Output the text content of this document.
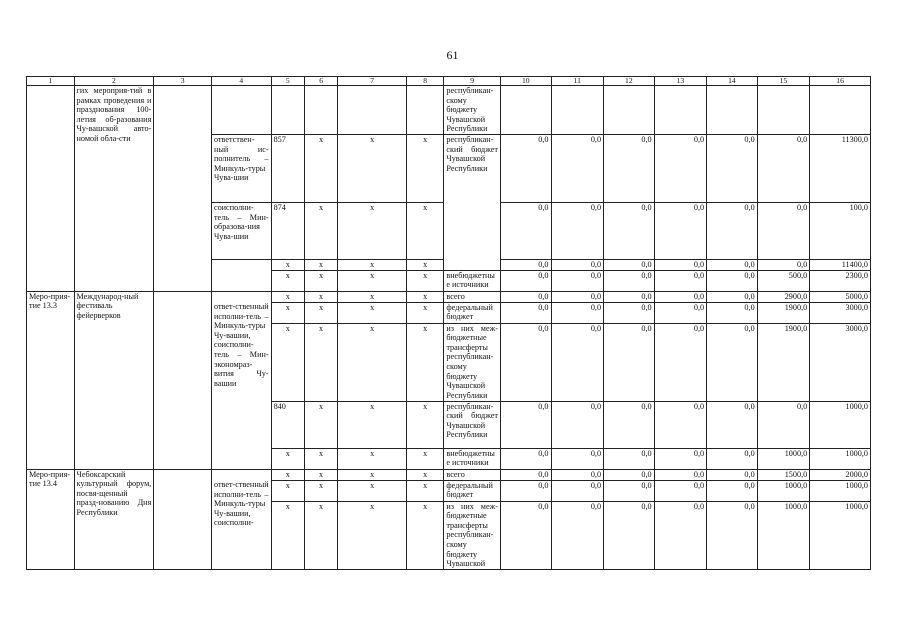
61
1	2	3	4	5	6	7	8	9	10	11	12	13	14	15	16
	гих мероприя-тий в рамках проведения и празднования 100-летия об-разования Чу-вашской авто-номой обла-сти							республикан-скому бюджету Чувашской Республики							
			ответствен-ный ис-полнитель – Минкуль-туры Чува-шии	857	x	x	x	республикан-ский бюджет Чувашской Республики	0,0	0,0	0,0	0,0	0,0	0,0	11300,0
			соисполни-тель – Мин-образова-ния Чува-шии	874	x	x	x		0,0	0,0	0,0	0,0	0,0	0,0	100,0
				x	x	x	x		0,0	0,0	0,0	0,0	0,0	0,0	11400,0
				x	x	x	x	внебюджетные источники	0,0	0,0	0,0	0,0	0,0	500,0	2300,0
Меро-прия-тие 13.3	Международ-ный фестиваль фейерверков			x	x	x	x	всего	0,0	0,0	0,0	0,0	0,0	2900,0	5000,0
			ответ-ственный исполни-тель – Минкуль-туры Чу-вашии, соисполни-тель – Мин-экономраз-вития Чу-вашии	x	x	x	x	федеральный бюджет	0,0	0,0	0,0	0,0	0,0	1900,0	3000,0
				x	x	x	x	из них меж-бюджетные трансферты республикан-скому бюджету Чувашской Республики	0,0	0,0	0,0	0,0	0,0	1900,0	3000,0
				840	x	x	x	республикан-ский бюджет Чувашской Республики	0,0	0,0	0,0	0,0	0,0	0,0	1000,0
				x	x	x	x	внебюджетные источники	0,0	0,0	0,0	0,0	0,0	1000,0	1000,0
Меро-прия-тие 13.4	Чебоксарский культурный форум, посвя-щенный празд-нованию Дня Республики			x	x	x	x	всего	0,0	0,0	0,0	0,0	0,0	1500,0	2000,0
			ответ-ственный исполни-тель – Минкуль-туры Чу-вашии, соисполни-	x	x	x	x	федеральный бюджет	0,0	0,0	0,0	0,0	0,0	1000,0	1000,0
				x	x	x	x	из них меж-бюджетные трансферты республикан-скому бюджету Чувашской	0,0	0,0	0,0	0,0	0,0	1000,0	1000,0
